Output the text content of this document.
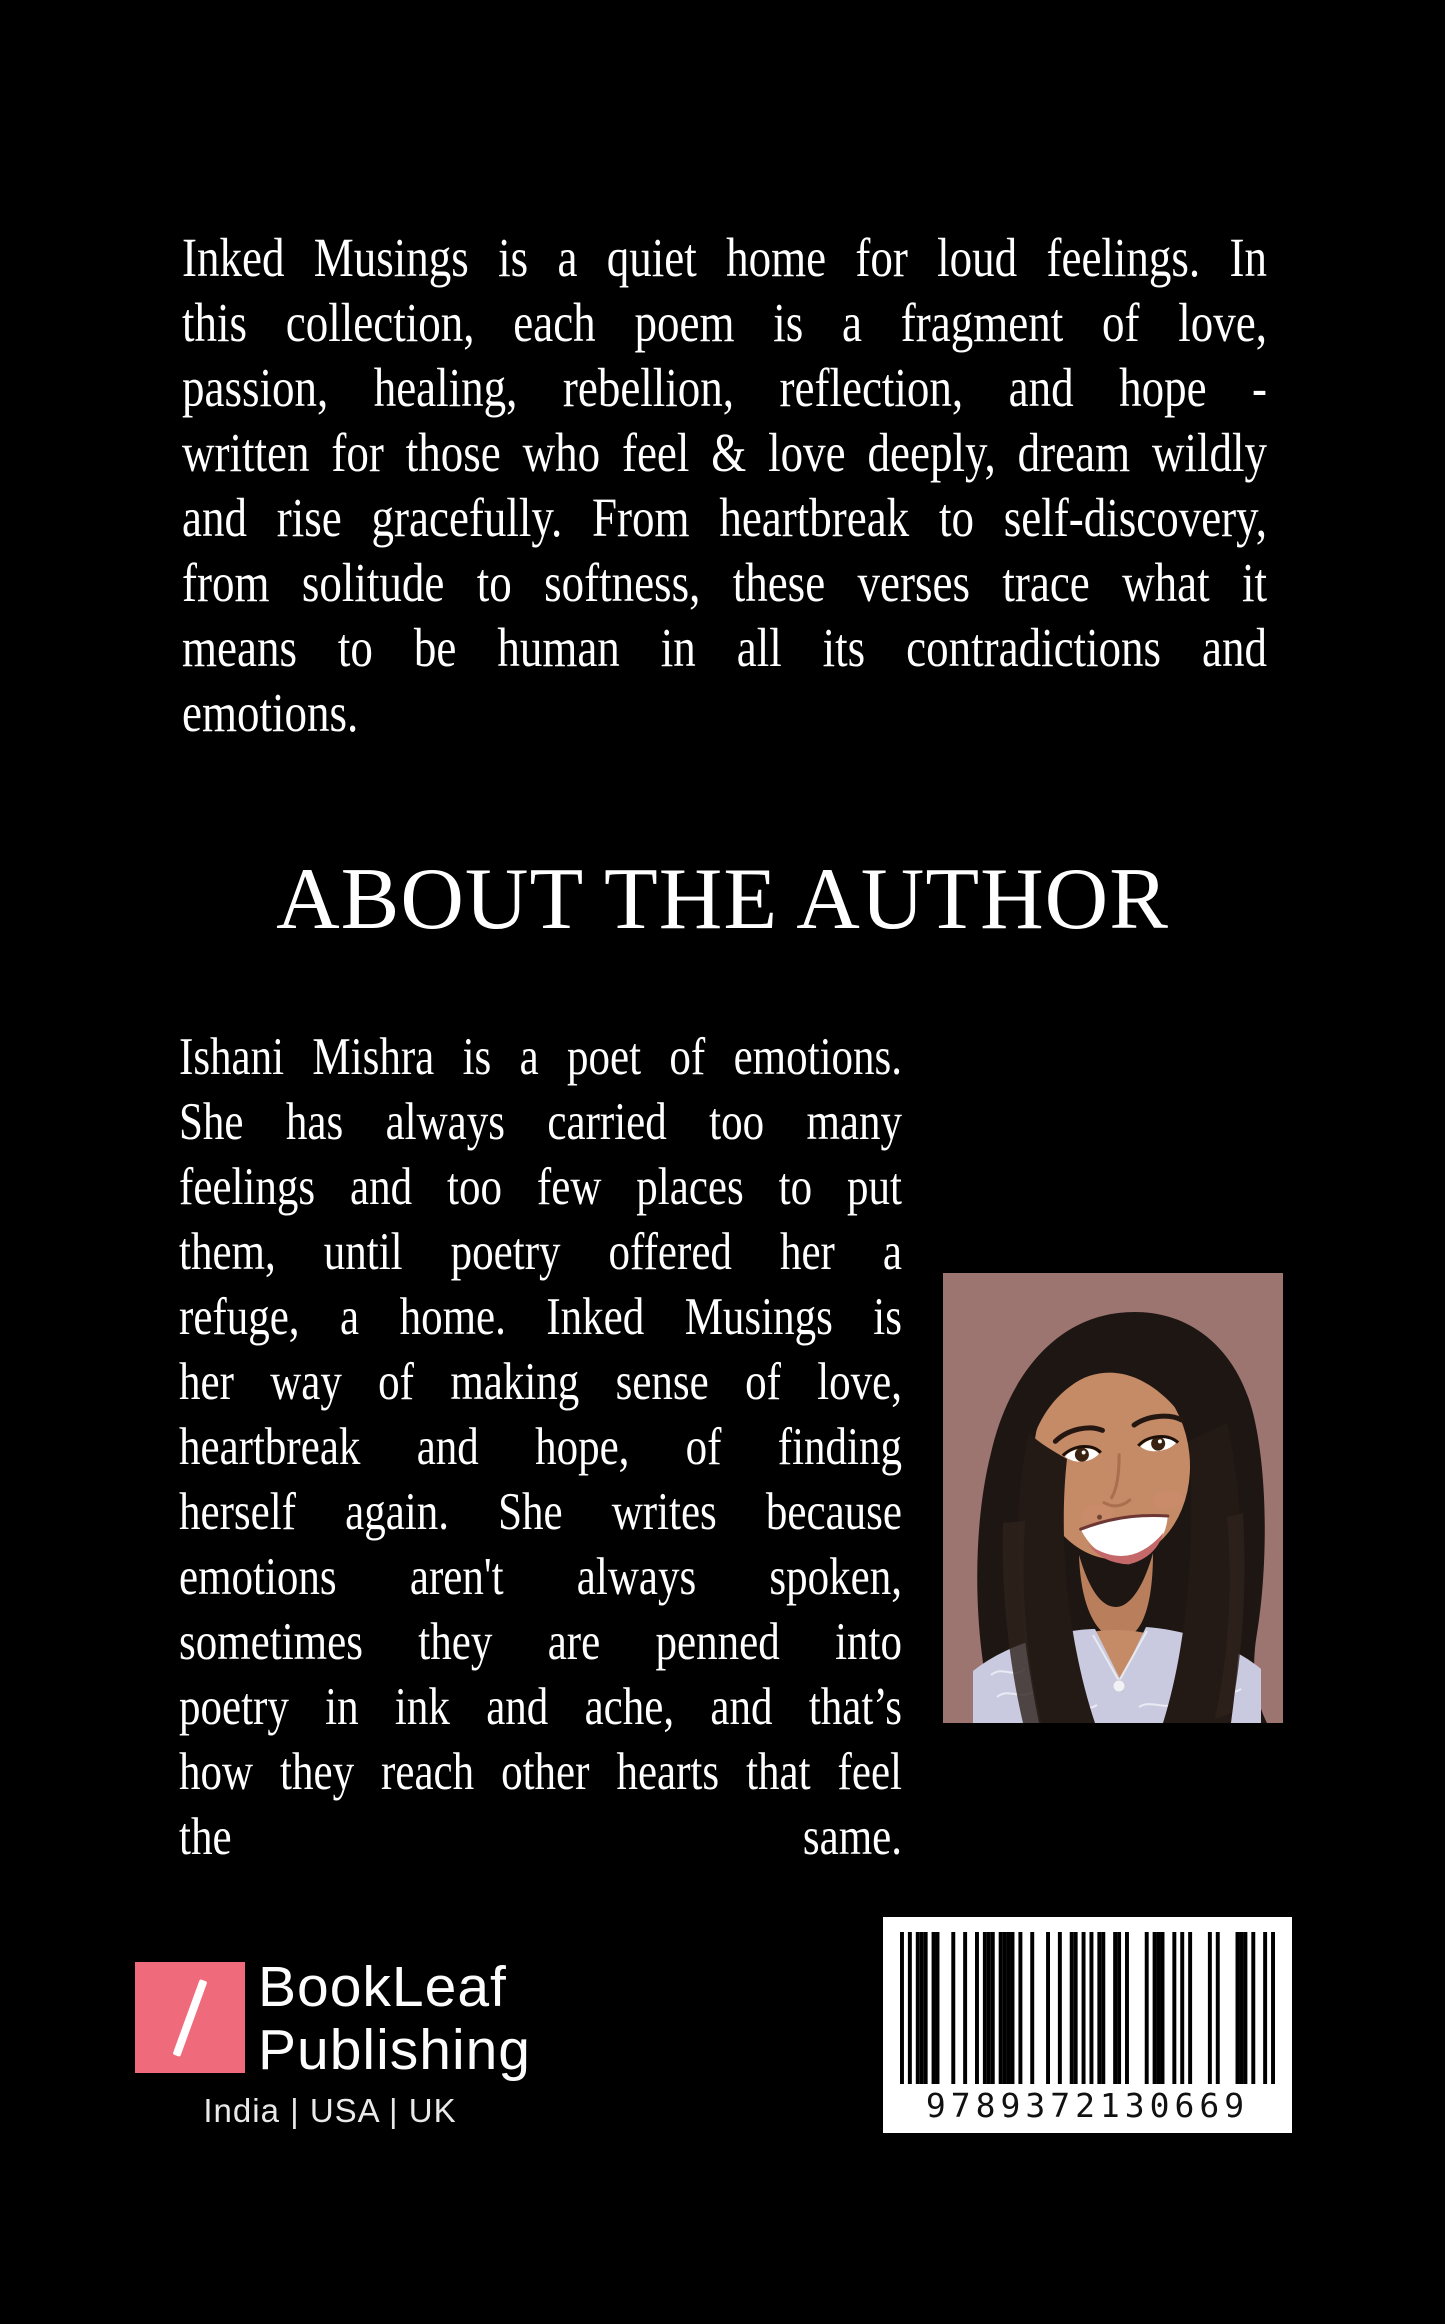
Inked Musings is a quiet home for loud feelings. In
this collection, each poem is a fragment of love,
passion, healing, rebellion, reflection, and hope -
written for those who feel & love deeply, dream wildly
and rise gracefully. From heartbreak to self-discovery,
from solitude to softness, these verses trace what it
means to be human in all its contradictions and
emotions.
ABOUT THE AUTHOR
Ishani Mishra is a poet of emotions.
She has always carried too many
feelings and too few places to put
them, until poetry offered her a
refuge, a home. Inked Musings is
her way of making sense of love,
heartbreak and hope, of finding
herself again. She writes because
emotions aren't always spoken,
sometimes they are penned into
poetry in ink and ache, and that’s
how they reach other hearts that feel
the	same.
BookLeaf
Publishing
India | USA | UK	9789372130669
